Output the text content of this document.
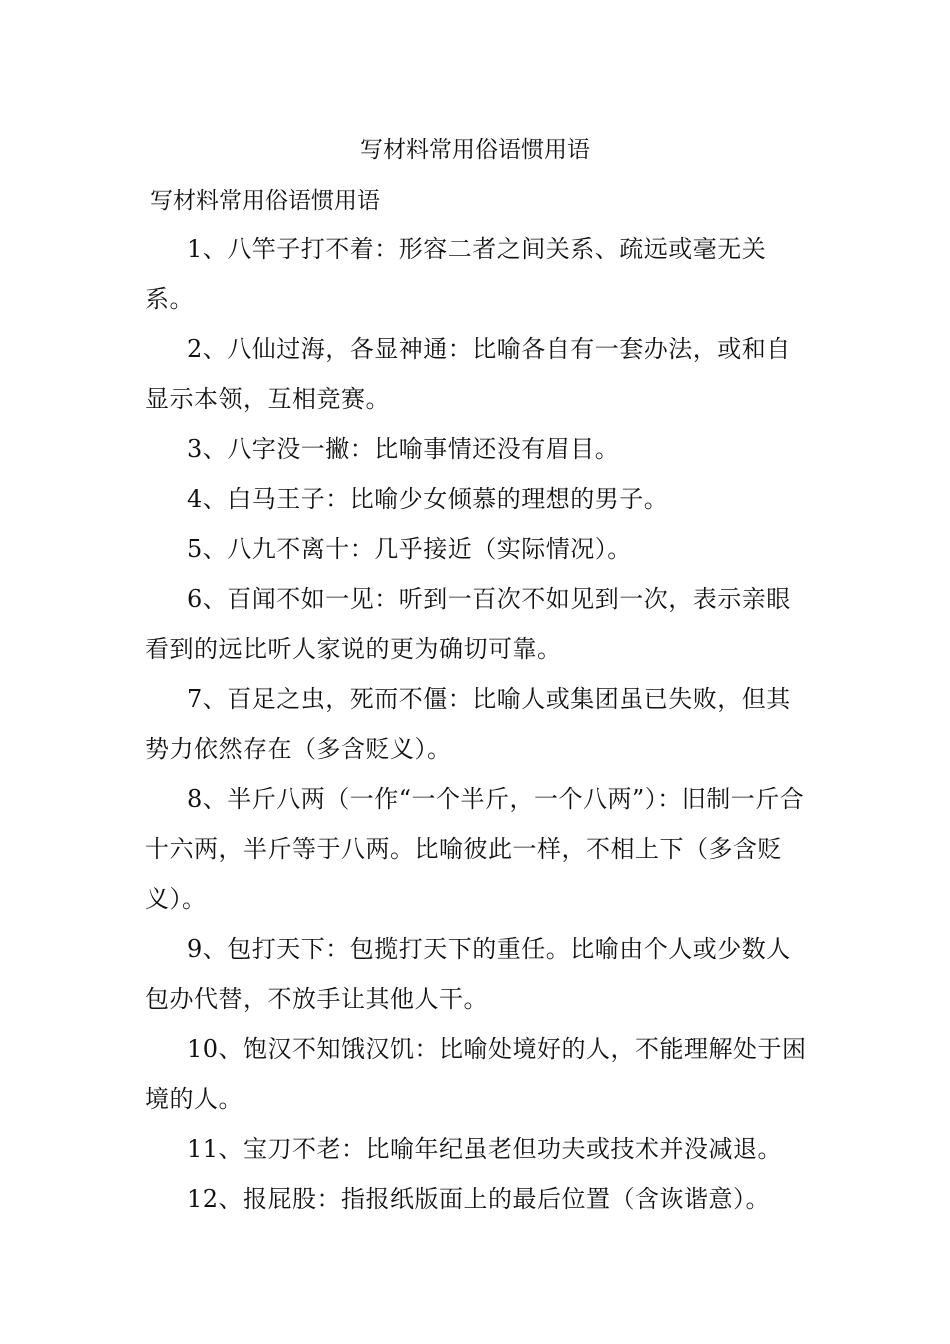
写材料常用俗语惯用语
写材料常用俗语惯用语

1、八竿子打不着：形容二者之间关系、疏远或毫无关系。

2、八仙过海，各显神通：比喻各自有一套办法，或和自显示本领，互相竞赛。

3、八字没一撇：比喻事情还没有眉目。

4、白马王子：比喻少女倾慕的理想的男子。

5、八九不离十：几乎接近（实际情况）。

6、百闻不如一见：听到一百次不如见到一次，表示亲眼看到的远比听人家说的更为确切可靠。

7、百足之虫，死而不僵：比喻人或集团虽已失败，但其势力依然存在（多含贬义）。

8、半斤八两（一作“一个半斤，一个八两”）：旧制一斤合十六两，半斤等于八两。比喻彼此一样，不相上下（多含贬义）。

9、包打天下：包揽打天下的重任。比喻由个人或少数人包办代替，不放手让其他人干。

10、饱汉不知饿汉饥：比喻处境好的人，不能理解处于困境的人。

11、宝刀不老：比喻年纪虽老但功夫或技术并没减退。

12、报屁股：指报纸版面上的最后位置（含诙谐意）。
